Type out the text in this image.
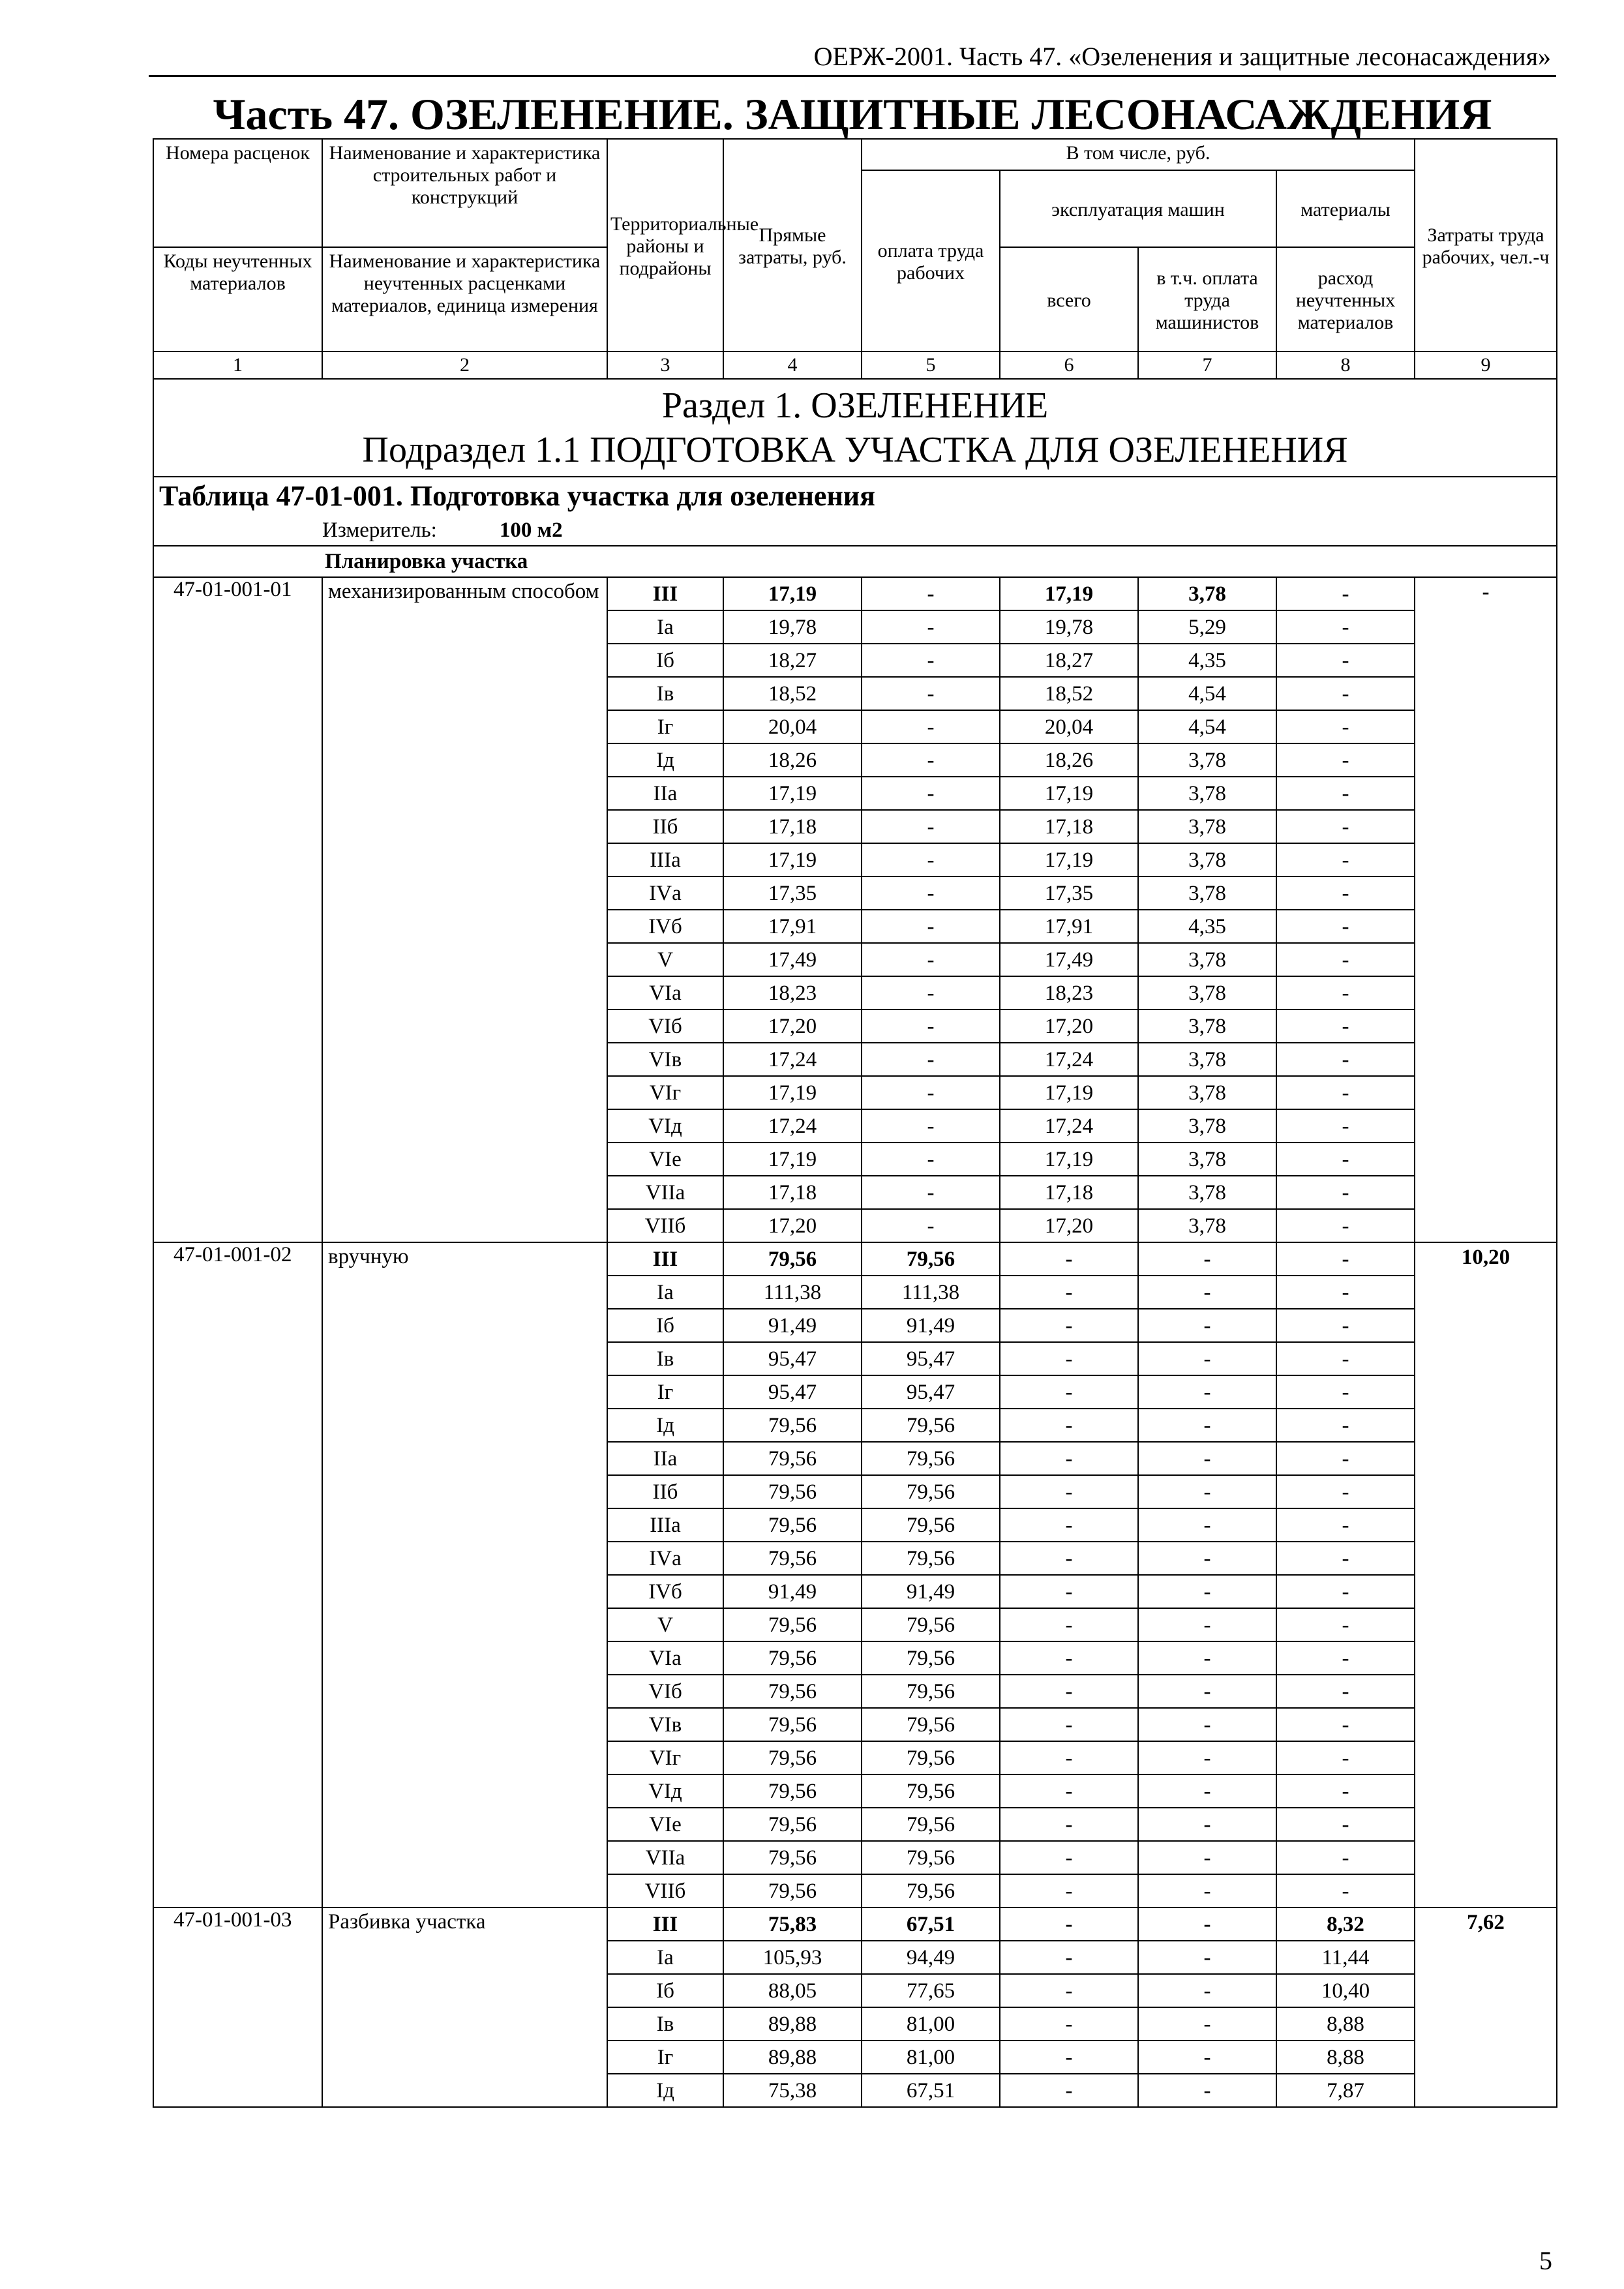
ОЕРЖ-2001. Часть 47. «Озеленения и защитные лесонасаждения»
Часть 47. ОЗЕЛЕНЕНИЕ. ЗАЩИТНЫЕ ЛЕСОНАСАЖДЕНИЯ
Номера расценок	Наименование и характеристика строительных работ и конструкций	Территориальные районы и подрайоны	Прямые затраты, руб.	В том числе, руб.				Затраты труда рабочих, чел.-ч
				оплата труда рабочих	эксплуатация машин		материалы	
Коды неучтенных материалов	Наименование и характеристика неучтенных расценками материалов, единица измерения				всего	в т.ч. оплата труда машинистов	расход неучтенных материалов	
1	2	3	4	5	6	7	8	9

Раздел 1. ОЗЕЛЕНЕНИЕ
Подраздел 1.1 ПОДГОТОВКА УЧАСТКА ДЛЯ ОЗЕЛЕНЕНИЯ								

Таблица 47-01-001. Подготовка участка для озеленения								
Измеритель: 100 м2								
Планировка участка								
47-01-001-01	механизированным способом	III	17,19	-	17,19	3,78	-	-
		Iа	19,78	-	19,78	5,29	-	
		Iб	18,27	-	18,27	4,35	-	
		Iв	18,52	-	18,52	4,54	-	
		Iг	20,04	-	20,04	4,54	-	
		Iд	18,26	-	18,26	3,78	-	
		IIа	17,19	-	17,19	3,78	-	
		IIб	17,18	-	17,18	3,78	-	
		IIIа	17,19	-	17,19	3,78	-	
		IVа	17,35	-	17,35	3,78	-	
		IVб	17,91	-	17,91	4,35	-	
		V	17,49	-	17,49	3,78	-	
		VIа	18,23	-	18,23	3,78	-	
		VIб	17,20	-	17,20	3,78	-	
		VIв	17,24	-	17,24	3,78	-	
		VIг	17,19	-	17,19	3,78	-	
		VIд	17,24	-	17,24	3,78	-	
		VIе	17,19	-	17,19	3,78	-	
		VIIа	17,18	-	17,18	3,78	-	
		VIIб	17,20	-	17,20	3,78	-	
47-01-001-02	вручную	III	79,56	79,56	-	-	-	10,20
		Iа	111,38	111,38	-	-	-	
		Iб	91,49	91,49	-	-	-	
		Iв	95,47	95,47	-	-	-	
		Iг	95,47	95,47	-	-	-	
		Iд	79,56	79,56	-	-	-	
		IIа	79,56	79,56	-	-	-	
		IIб	79,56	79,56	-	-	-	
		IIIа	79,56	79,56	-	-	-	
		IVа	79,56	79,56	-	-	-	
		IVб	91,49	91,49	-	-	-	
		V	79,56	79,56	-	-	-	
		VIа	79,56	79,56	-	-	-	
		VIб	79,56	79,56	-	-	-	
		VIв	79,56	79,56	-	-	-	
		VIг	79,56	79,56	-	-	-	
		VIд	79,56	79,56	-	-	-	
		VIе	79,56	79,56	-	-	-	
		VIIа	79,56	79,56	-	-	-	
		VIIб	79,56	79,56	-	-	-	
47-01-001-03	Разбивка участка	III	75,83	67,51	-	-	8,32	7,62
		Iа	105,93	94,49	-	-	11,44	
		Iб	88,05	77,65	-	-	10,40	
		Iв	89,88	81,00	-	-	8,88	
		Iг	89,88	81,00	-	-	8,88	
		Iд	75,38	67,51	-	-	7,87	
5
